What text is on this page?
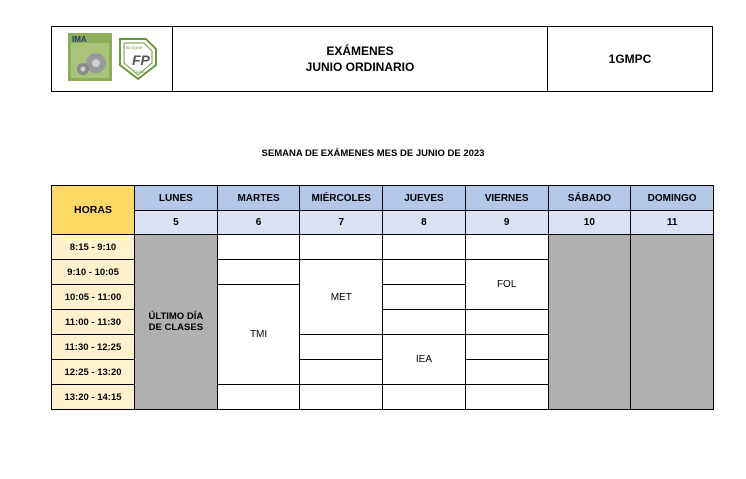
IMA
BLOQUE
FP
DUAL
EXÁMENES
JUNIO ORDINARIO
1GMPC
SEMANA DE EXÁMENES MES DE JUNIO DE 2023
HORAS	LUNES	MARTES	MIÉRCOLES	JUEVES	VIERNES	SÁBADO	DOMINGO
	5	6	7	8	9	10	11
8:15 - 9:10	ÚLTIMO DÍA
DE CLASES						

9:10 - 10:05			MET		FOL		
10:05 - 11:00		TMI					
11:00 - 11:30							
11:30 - 12:25				IEA			
12:25 - 13:20							
13:20 - 14:15							
